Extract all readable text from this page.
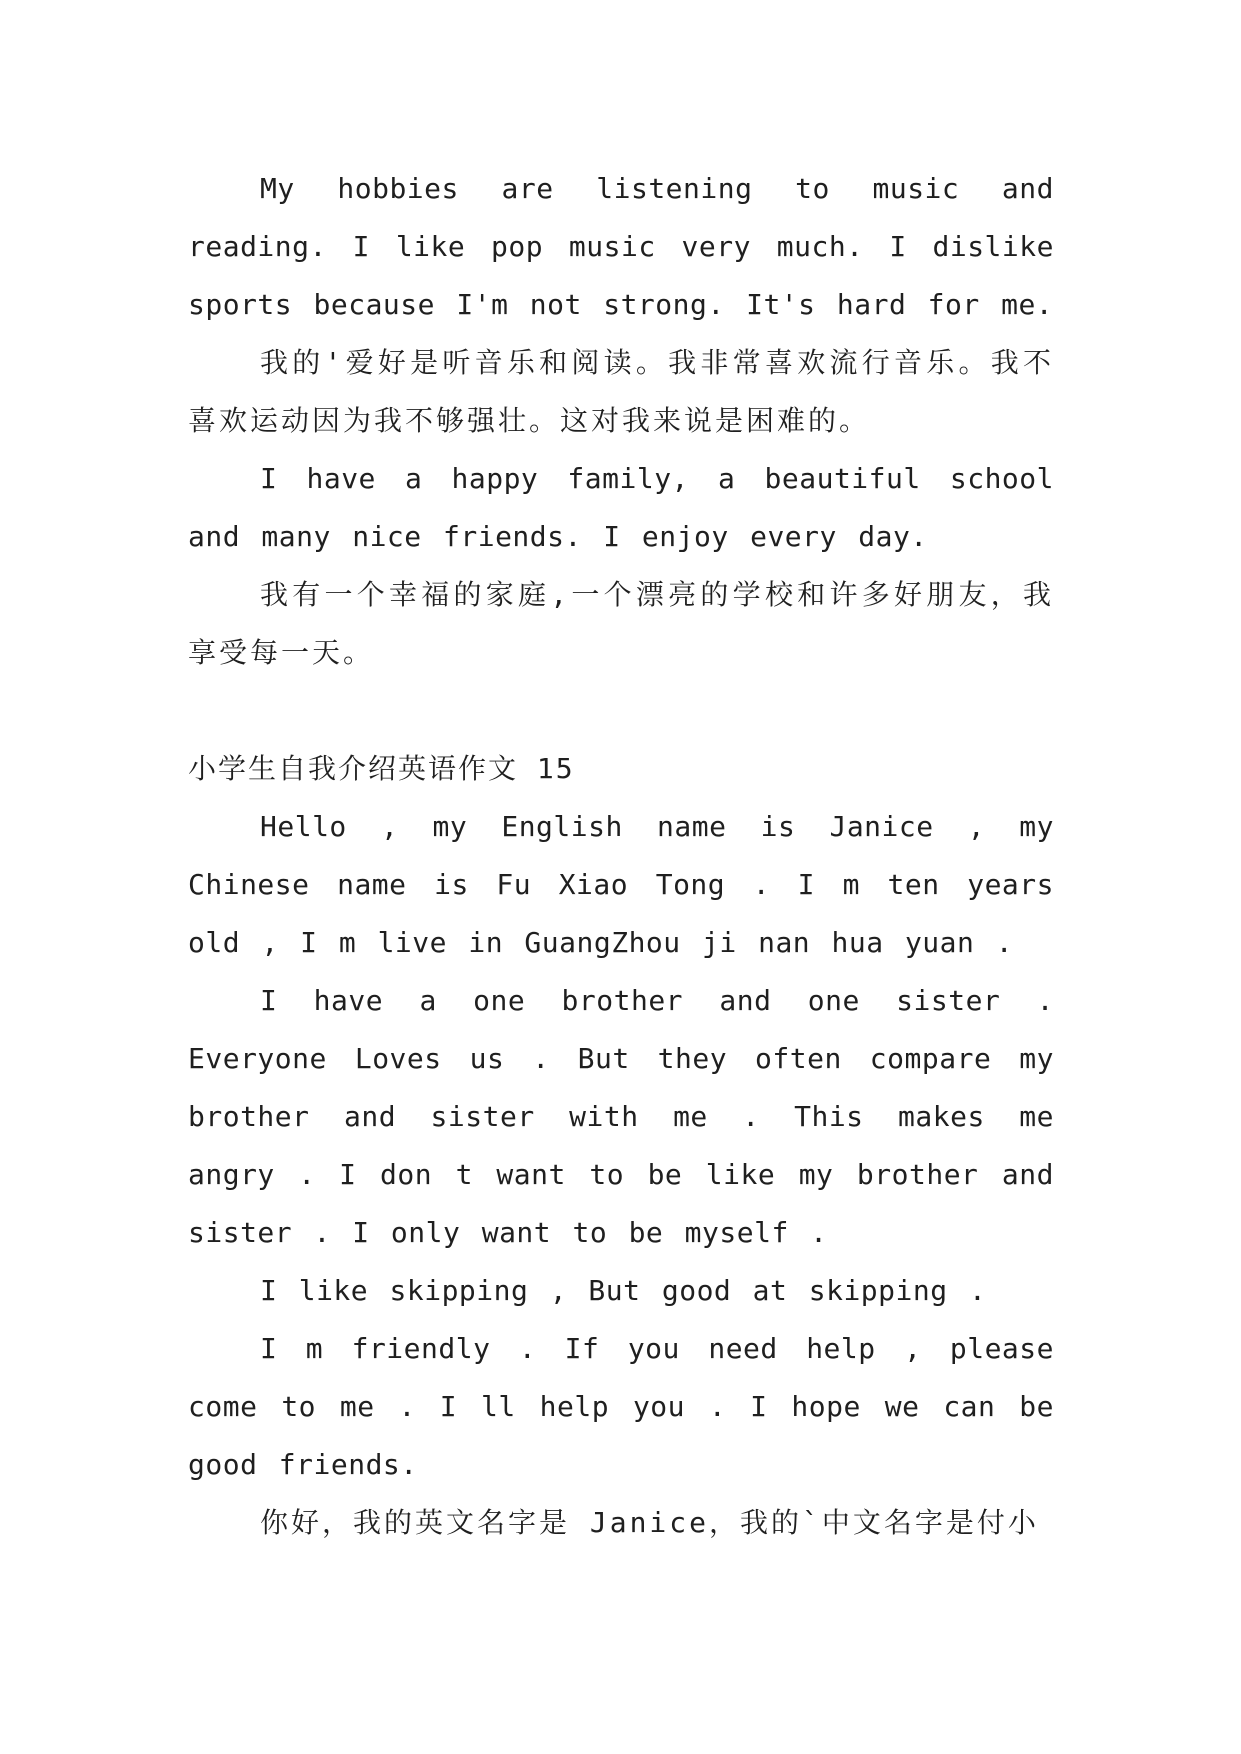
My hobbies are listening to music and reading. I like pop music very much. I dislike sports because I'm not strong. It's hard for me.

我的'爱好是听音乐和阅读。我非常喜欢流行音乐。我不喜欢运动因为我不够强壮。这对我来说是困难的。

I have a happy family, a beautiful school and many nice friends. I enjoy every day.

我有一个幸福的家庭,一个漂亮的学校和许多好朋友，我享受每一天。

小学生自我介绍英语作文 15

Hello , my English name is Janice , my Chinese name is Fu Xiao Tong . I m ten years old , I m live in GuangZhou ji nan hua yuan .

I have a one brother and one sister . Everyone Loves us . But they often compare my brother and sister with me . This makes me angry . I don t want to be like my brother and sister . I only want to be myself .

I like skipping , But good at skipping .

I m friendly . If you need help , please come to me . I ll help you . I hope we can be good friends.

你好，我的英文名字是 Janice，我的`中文名字是付小
